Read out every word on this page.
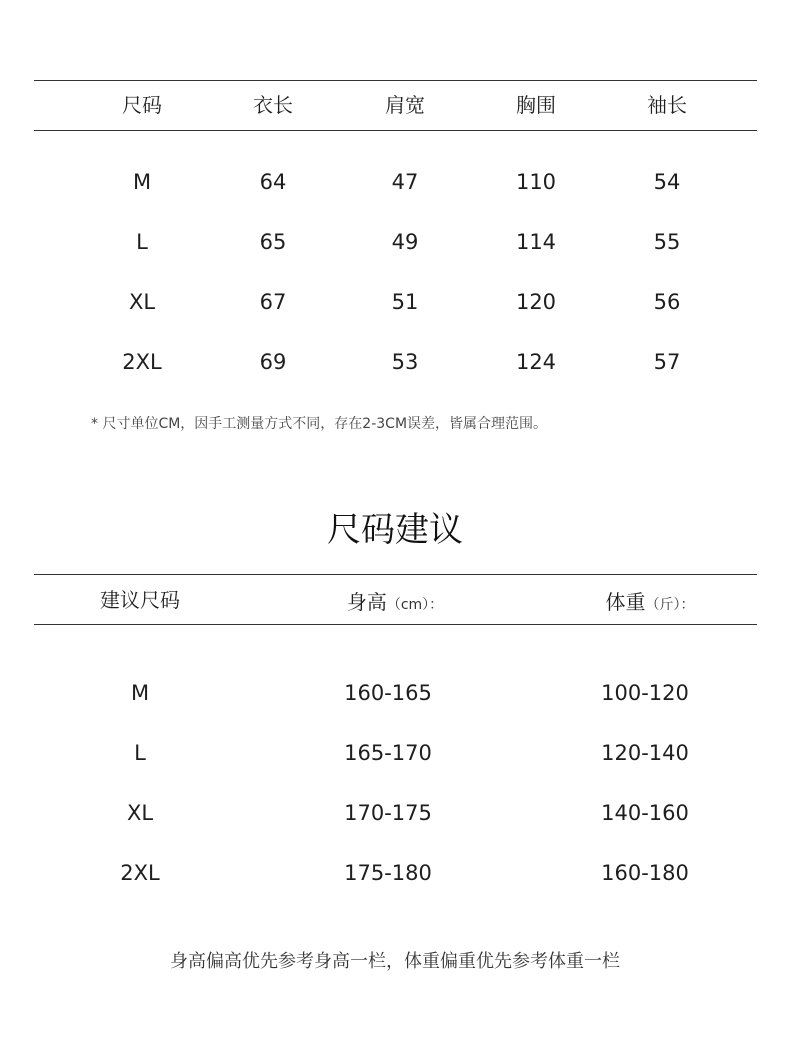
尺码	衣长	肩宽	胸围	袖长
M	64	47	110	54
L	65	49	114	55
XL	67	51	120	56
2XL	69	53	124	57
* 尺寸单位CM，因手工测量方式不同，存在2-3CM误差，皆属合理范围。
尺码建议
建议尺码	身高（cm）：	体重（斤）：
M	160-165	100-120
L	165-170	120-140
XL	170-175	140-160
2XL	175-180	160-180
身高偏高优先参考身高一栏，体重偏重优先参考体重一栏
